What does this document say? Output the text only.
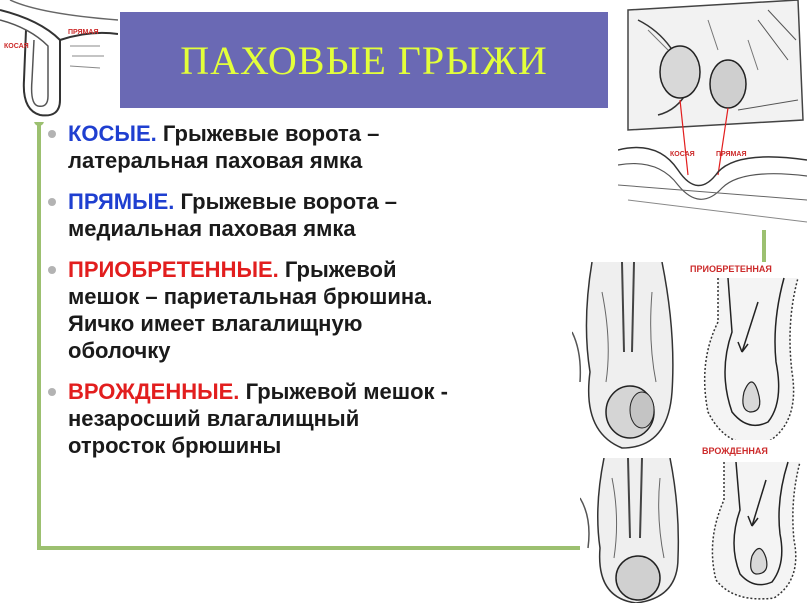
КОСАЯ
ПРЯМАЯ
ПАХОВЫЕ ГРЫЖИ
КОСАЯ	ПРЯМАЯ

КОСЫЕ. Грыжевые ворота –
латеральная паховая ямка

ПРЯМЫЕ. Грыжевые ворота –
медиальная паховая ямка

ПРИОБРЕТЕННЫЕ. Грыжевой
мешок – париетальная брюшина.
Яичко имеет влагалищную
оболочку

ВРОЖДЕННЫЕ. Грыжевой мешок -
незаросший влагалищный
отросток брюшины

ПРИОБРЕТЕННАЯ
ВРОЖДЕННАЯ
